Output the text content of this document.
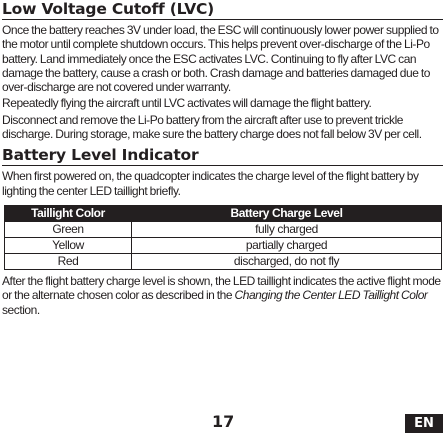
Low Voltage Cutoff (LVC)

Once the battery reaches 3V under load, the ESC will continuously lower power supplied to the motor until complete shutdown occurs. This helps prevent over-discharge of the Li-Po battery. Land immediately once the ESC activates LVC. Continuing to fly after LVC can damage the battery, cause a crash or both. Crash damage and batteries damaged due to over-discharge are not covered under warranty.

Repeatedly flying the aircraft until LVC activates will damage the flight battery.

Disconnect and remove the Li-Po battery from the aircraft after use to prevent trickle discharge. During storage, make sure the battery charge does not fall below 3V per cell.

Battery Level Indicator

When first powered on, the quadcopter indicates the charge level of the flight battery by lighting the center LED taillight briefly.

Taillight Color	Battery Charge Level
Green	fully charged
Yellow	partially charged
Red	discharged, do not fly

After the flight battery charge level is shown, the LED taillight indicates the active flight mode or the alternate chosen color as described in the Changing the Center LED Taillight Color section.

17	EN
